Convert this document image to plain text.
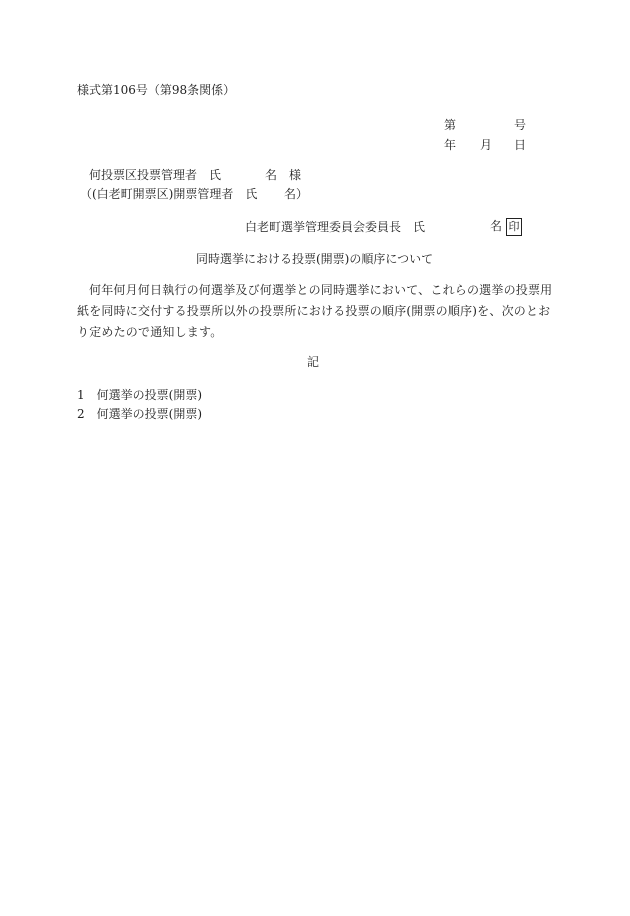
様式第106号（第98条関係）
第	号
年 月 日
何投票区投票管理者　氏	名　様
（(白老町開票区)開票管理者　氏 名）
白老町選挙管理委員会委員長　氏	名 印
同時選挙における投票(開票)の順序について
何年何月何日執行の何選挙及び何選挙との同時選挙において、これらの選挙の投票用紙を同時に交付する投票所以外の投票所における投票の順序(開票の順序)を、次のとおり定めたので通知します。
記
1 何選挙の投票(開票)
2 何選挙の投票(開票)
